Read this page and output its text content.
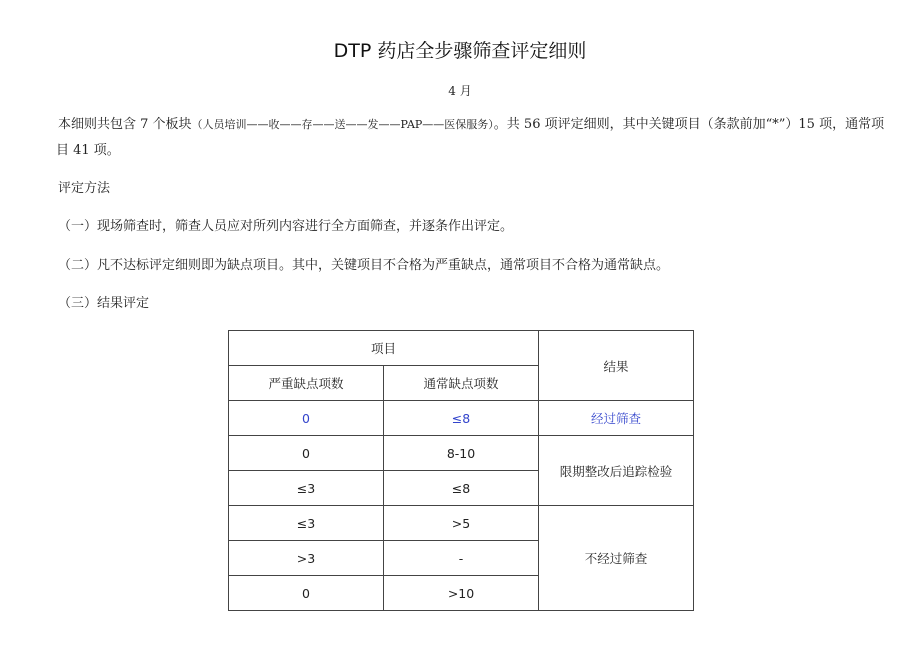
DTP 药店全步骤筛查评定细则
4 月
本细则共包含 7 个板块（人员培训——收——存——送——发——PAP——医保服务）。共 56 项评定细则，其中关键项目（条款前加“*”）15 项，通常项
目 41 项。
评定方法
（一）现场筛查时，筛查人员应对所列内容进行全方面筛查，并逐条作出评定。
（二）凡不达标评定细则即为缺点项目。其中，关键项目不合格为严重缺点，通常项目不合格为通常缺点。
（三）结果评定
项目		结果
严重缺点项数	通常缺点项数	
0	≤8	经过筛查
0	8-10	限期整改后追踪检验
≤3	≤8	
≤3	>5	不经过筛查
>3	-	
0	>10	
